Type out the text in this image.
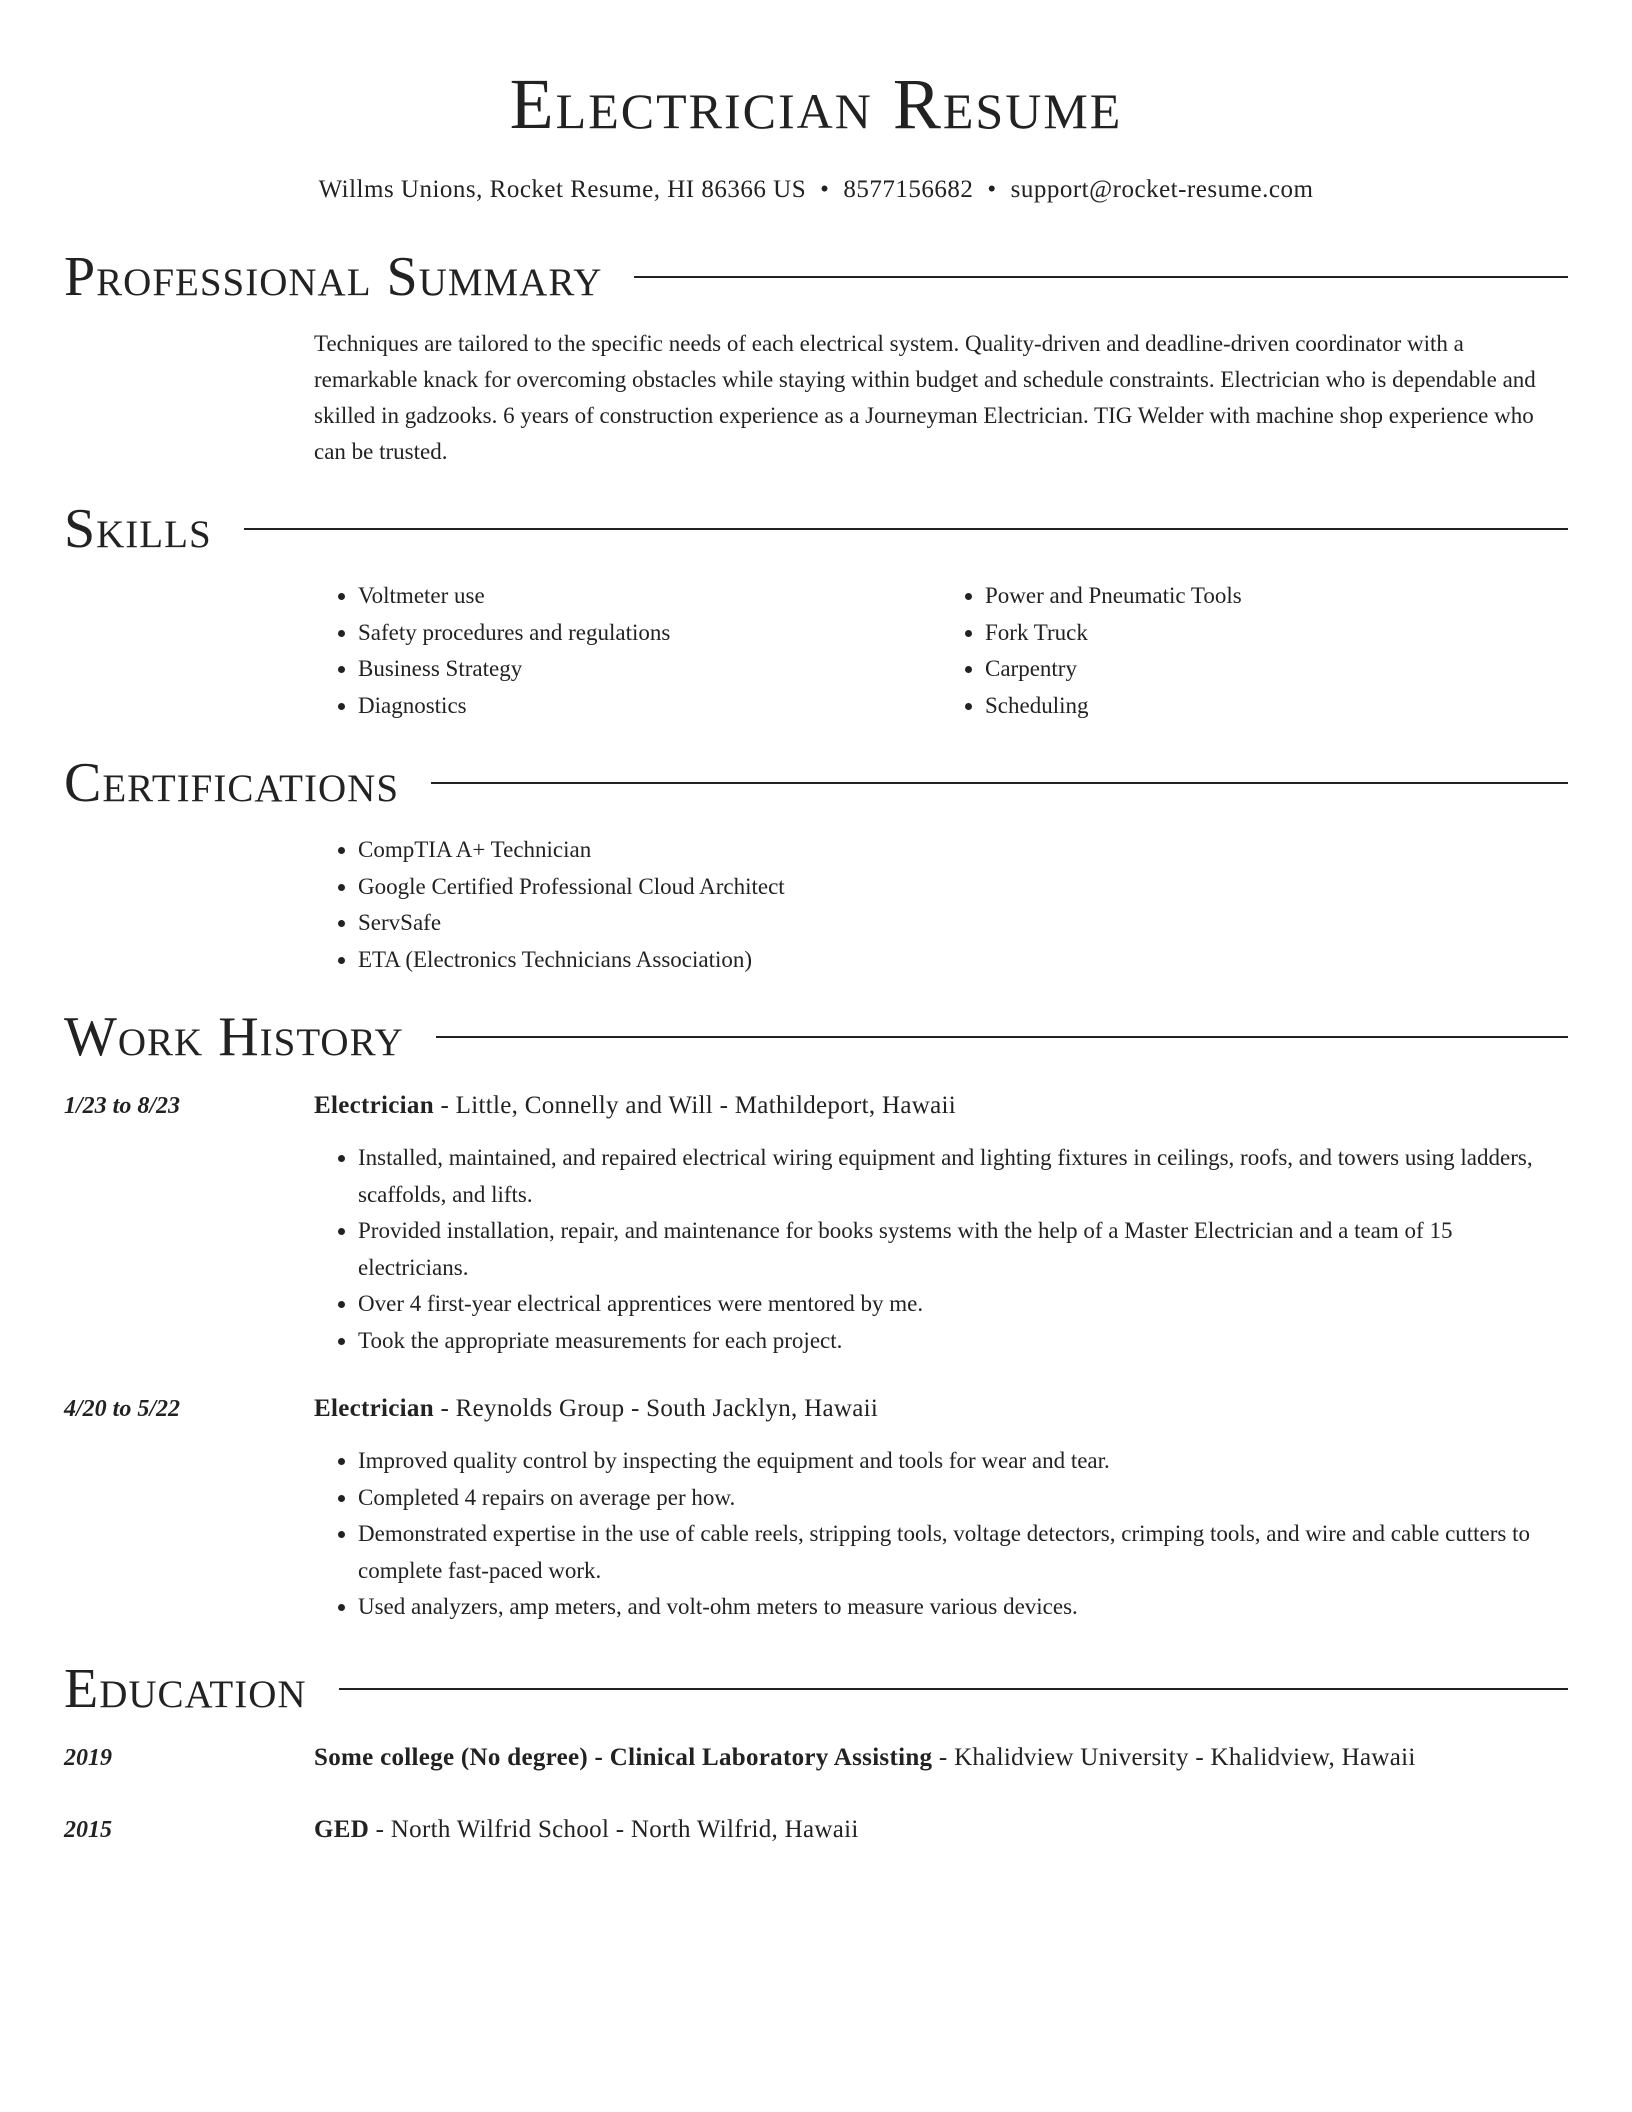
Electrician Resume
Willms Unions, Rocket Resume, HI 86366 US • 8577156682 • support@rocket-resume.com
Professional Summary

Techniques are tailored to the specific needs of each electrical system. Quality-driven and deadline-driven coordinator with a remarkable knack for overcoming obstacles while staying within budget and schedule constraints. Electrician who is dependable and skilled in gadzooks. 6 years of construction experience as a Journeyman Electrician. TIG Welder with machine shop experience who can be trusted.

Skills
• Voltmeter use
• Safety procedures and regulations
• Business Strategy
• Diagnostics
• Power and Pneumatic Tools
• Fork Truck
• Carpentry
• Scheduling
Certifications
• CompTIA A+ Technician
• Google Certified Professional Cloud Architect
• ServSafe
• ETA (Electronics Technicians Association)
Work History
1/23 to 8/23	Electrician - Little, Connelly and Will - Mathildeport, Hawaii
• Installed, maintained, and repaired electrical wiring equipment and lighting fixtures in ceilings, roofs, and towers using ladders, scaffolds, and lifts.
• Provided installation, repair, and maintenance for books systems with the help of a Master Electrician and a team of 15 electricians.
• Over 4 first-year electrical apprentices were mentored by me.
• Took the appropriate measurements for each project.
4/20 to 5/22	Electrician - Reynolds Group - South Jacklyn, Hawaii
• Improved quality control by inspecting the equipment and tools for wear and tear.
• Completed 4 repairs on average per how.
• Demonstrated expertise in the use of cable reels, stripping tools, voltage detectors, crimping tools, and wire and cable cutters to complete fast-paced work.
• Used analyzers, amp meters, and volt-ohm meters to measure various devices.
Education
2019	Some college (No degree) - Clinical Laboratory Assisting - Khalidview University - Khalidview, Hawaii
2015	GED - North Wilfrid School - North Wilfrid, Hawaii
